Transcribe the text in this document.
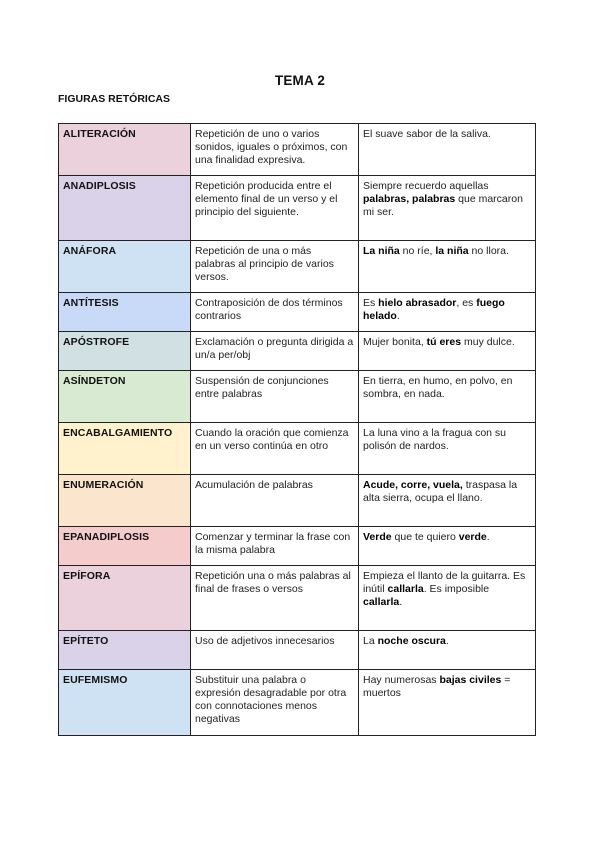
TEMA 2
FIGURAS RETÓRICAS
ALITERACIÓN	Repetición de uno o varios sonidos, iguales o próximos, con una finalidad expresiva.	El suave sabor de la saliva.
ANADIPLOSIS	Repetición producida entre el elemento final de un verso y el principio del siguiente.	Siempre recuerdo aquellas palabras, palabras que marcaron mi ser.
ANÁFORA	Repetición de una o más palabras al principio de varios versos.	La niña no ríe, la niña no llora.
ANTÍTESIS	Contraposición de dos términos contrarios	Es hielo abrasador, es fuego helado.
APÓSTROFE	Exclamación o pregunta dirigida a un/a per/obj	Mujer bonita, tú eres muy dulce.
ASÍNDETON	Suspensión de conjunciones entre palabras	En tierra, en humo, en polvo, en sombra, en nada.
ENCABALGAMIENTO	Cuando la oración que comienza en un verso continúa en otro	La luna vino a la fragua con su polisón de nardos.
ENUMERACIÓN	Acumulación de palabras	Acude, corre, vuela, traspasa la alta sierra, ocupa el llano.
EPANADIPLOSIS	Comenzar y terminar la frase con la misma palabra	Verde que te quiero verde.
EPÍFORA	Repetición una o más palabras al final de frases o versos	Empieza el llanto de la guitarra. Es inútil callarla. Es imposible callarla.
EPÍTETO	Uso de adjetivos innecesarios	La noche oscura.
EUFEMISMO	Substituir una palabra o expresión desagradable por otra con connotaciones menos negativas	Hay numerosas bajas civiles = muertos
